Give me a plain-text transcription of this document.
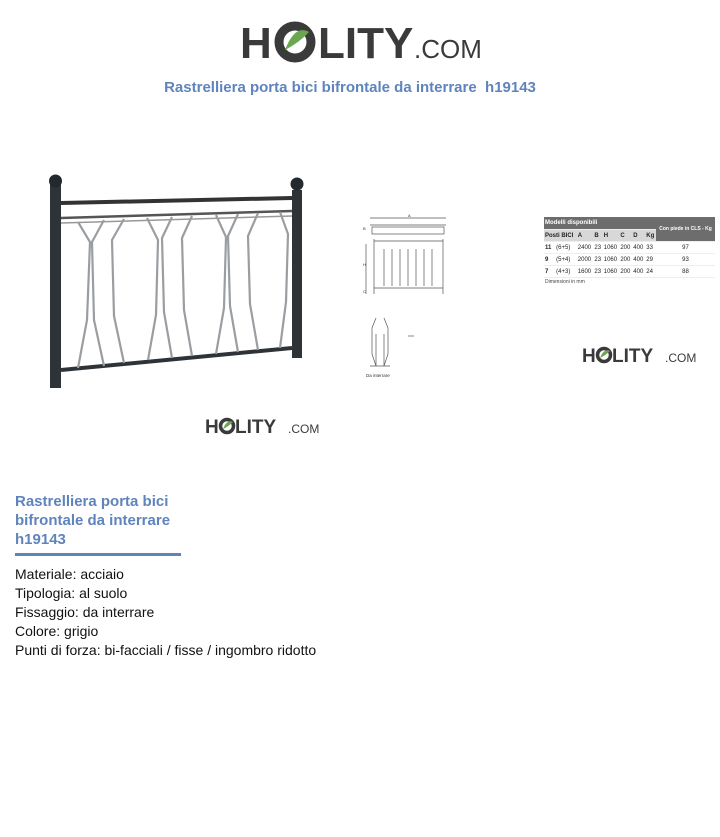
H LITY .COM
Rastrelliera porta bici bifrontale da interrare  h19143
H LITY .COM
A
B
H
C
Da interrare
Modelli disponibili								Con piede in CLS - Kg
Posti BICI		A	B	H	C	D	Kg	
11	(6+5)	2400	23	1060	200	400	33	97
9	(5+4)	2000	23	1060	200	400	29	93
7	(4+3)	1600	23	1060	200	400	24	88
Dimensioni in mm
H LITY .COM
Rastrelliera porta bici
bifrontale da interrare
h19143
Materiale: acciaio
Tipologia: al suolo
Fissaggio: da interrare
Colore: grigio
Punti di forza: bi-facciali / fisse / ingombro ridotto
